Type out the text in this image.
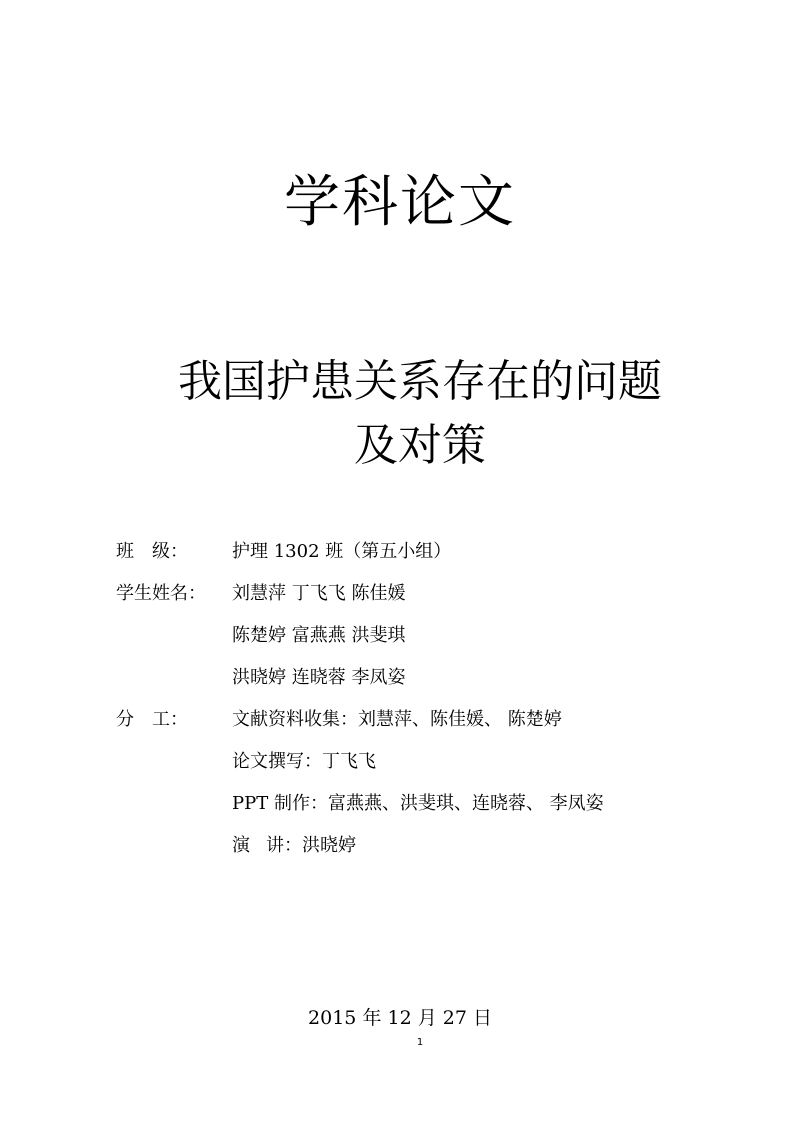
学科论文
我国护患关系存在的问题
及对策
班 级：	护理 1302 班（第五小组）
学生姓名：	刘慧萍 丁飞飞 陈佳媛
陈楚婷 富燕燕 洪斐琪
洪晓婷 连晓蓉 李凤姿
分 工：	文献资料收集：刘慧萍、陈佳媛、 陈楚婷
论文撰写：丁飞飞
PPT 制作：富燕燕、洪斐琪、连晓蓉、 李凤姿
演 讲：洪晓婷
2015 年 12 月 27 日
1
